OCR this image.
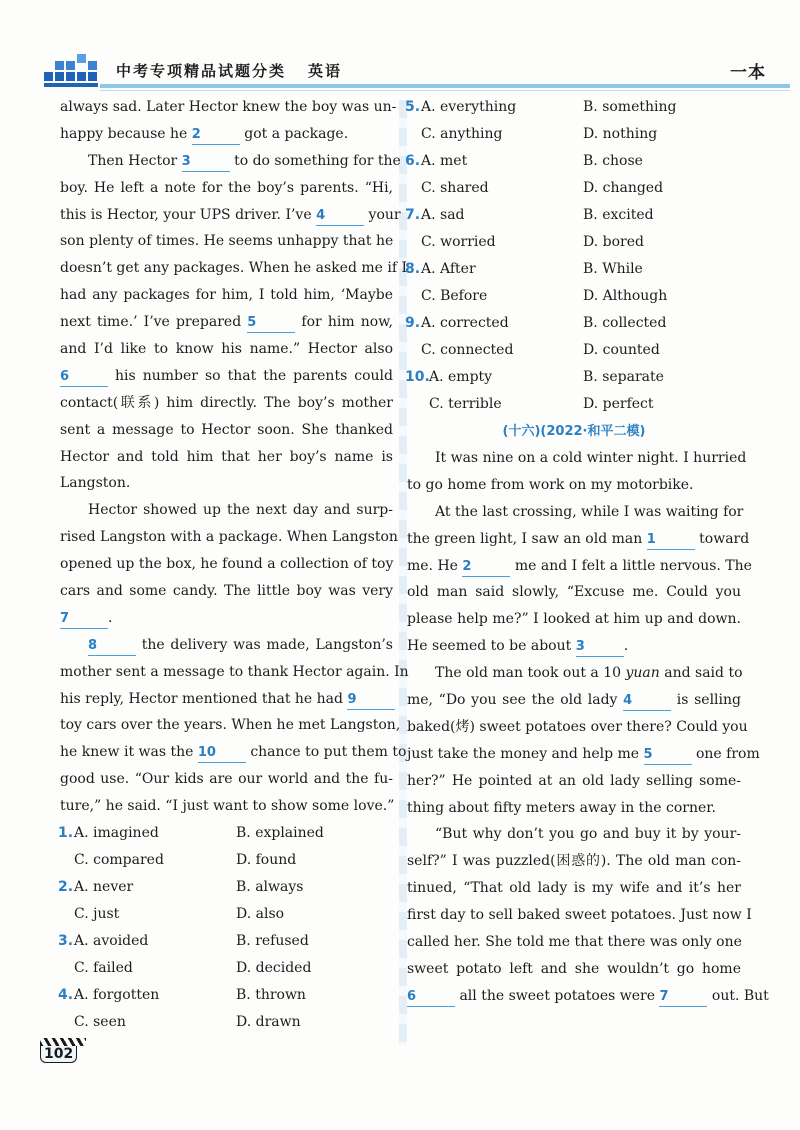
中考专项精品试题分类 英语	一本
always sad. Later Hector knew the boy was un-
happy because he 2	got a package.
Then Hector 3	to do something for the
boy. He left a note for the boy’s parents. “Hi,
this is Hector, your UPS driver. I’ve 4	your
son plenty of times. He seems unhappy that he
doesn’t get any packages. When he asked me if I
had any packages for him, I told him, ‘Maybe
next time.’ I’ve prepared 5	for him now,
and I’d like to know his name.” Hector also
6	his number so that the parents could
contact(联系) him directly. The boy’s mother
sent a message to Hector soon. She thanked
Hector and told him that her boy’s name is
Langston.
Hector showed up the next day and surp-
rised Langston with a package. When Langston
opened up the box, he found a collection of toy
cars and some candy. The little boy was very
7	.
8	the delivery was made, Langston’s
mother sent a message to thank Hector again. In
his reply, Hector mentioned that he had 9
toy cars over the years. When he met Langston,
he knew it was the 10 chance to put them to
good use. “Our kids are our world and the fu-
ture,” he said. “I just want to show some love.”
1. A. imagined	B. explained
C. compared	D. found
2. A. never	B. always
C. just	D. also
3. A. avoided	B. refused
C. failed	D. decided
4. A. forgotten	B. thrown
C. seen	D. drawn
5. A. everything	B. something
C. anything	D. nothing
6. A. met	B. chose
C. shared	D. changed
7. A. sad	B. excited
C. worried	D. bored
8. A. After	B. While
C. Before	D. Although
9. A. corrected	B. collected
C. connected	D. counted
10. A. empty	B. separate
C. terrible	D. perfect
(十六)(2022·和平二模)
It was nine on a cold winter night. I hurried
to go home from work on my motorbike.
At the last crossing, while I was waiting for
the green light, I saw an old man 1	toward
me. He 2	me and I felt a little nervous. The
old man said slowly, “Excuse me. Could you
please help me?” I looked at him up and down.
He seemed to be about 3	.
The old man took out a 10 yuan and said to
me, “Do you see the old lady 4	is selling
baked(烤) sweet potatoes over there? Could you
just take the money and help me 5	one from
her?” He pointed at an old lady selling some-
thing about fifty meters away in the corner.
“But why don’t you go and buy it by your-
self?” I was puzzled(困惑的). The old man con-
tinued, “That old lady is my wife and it’s her
first day to sell baked sweet potatoes. Just now I
called her. She told me that there was only one
sweet potato left and she wouldn’t go home
6	all the sweet potatoes were 7	out. But
102
